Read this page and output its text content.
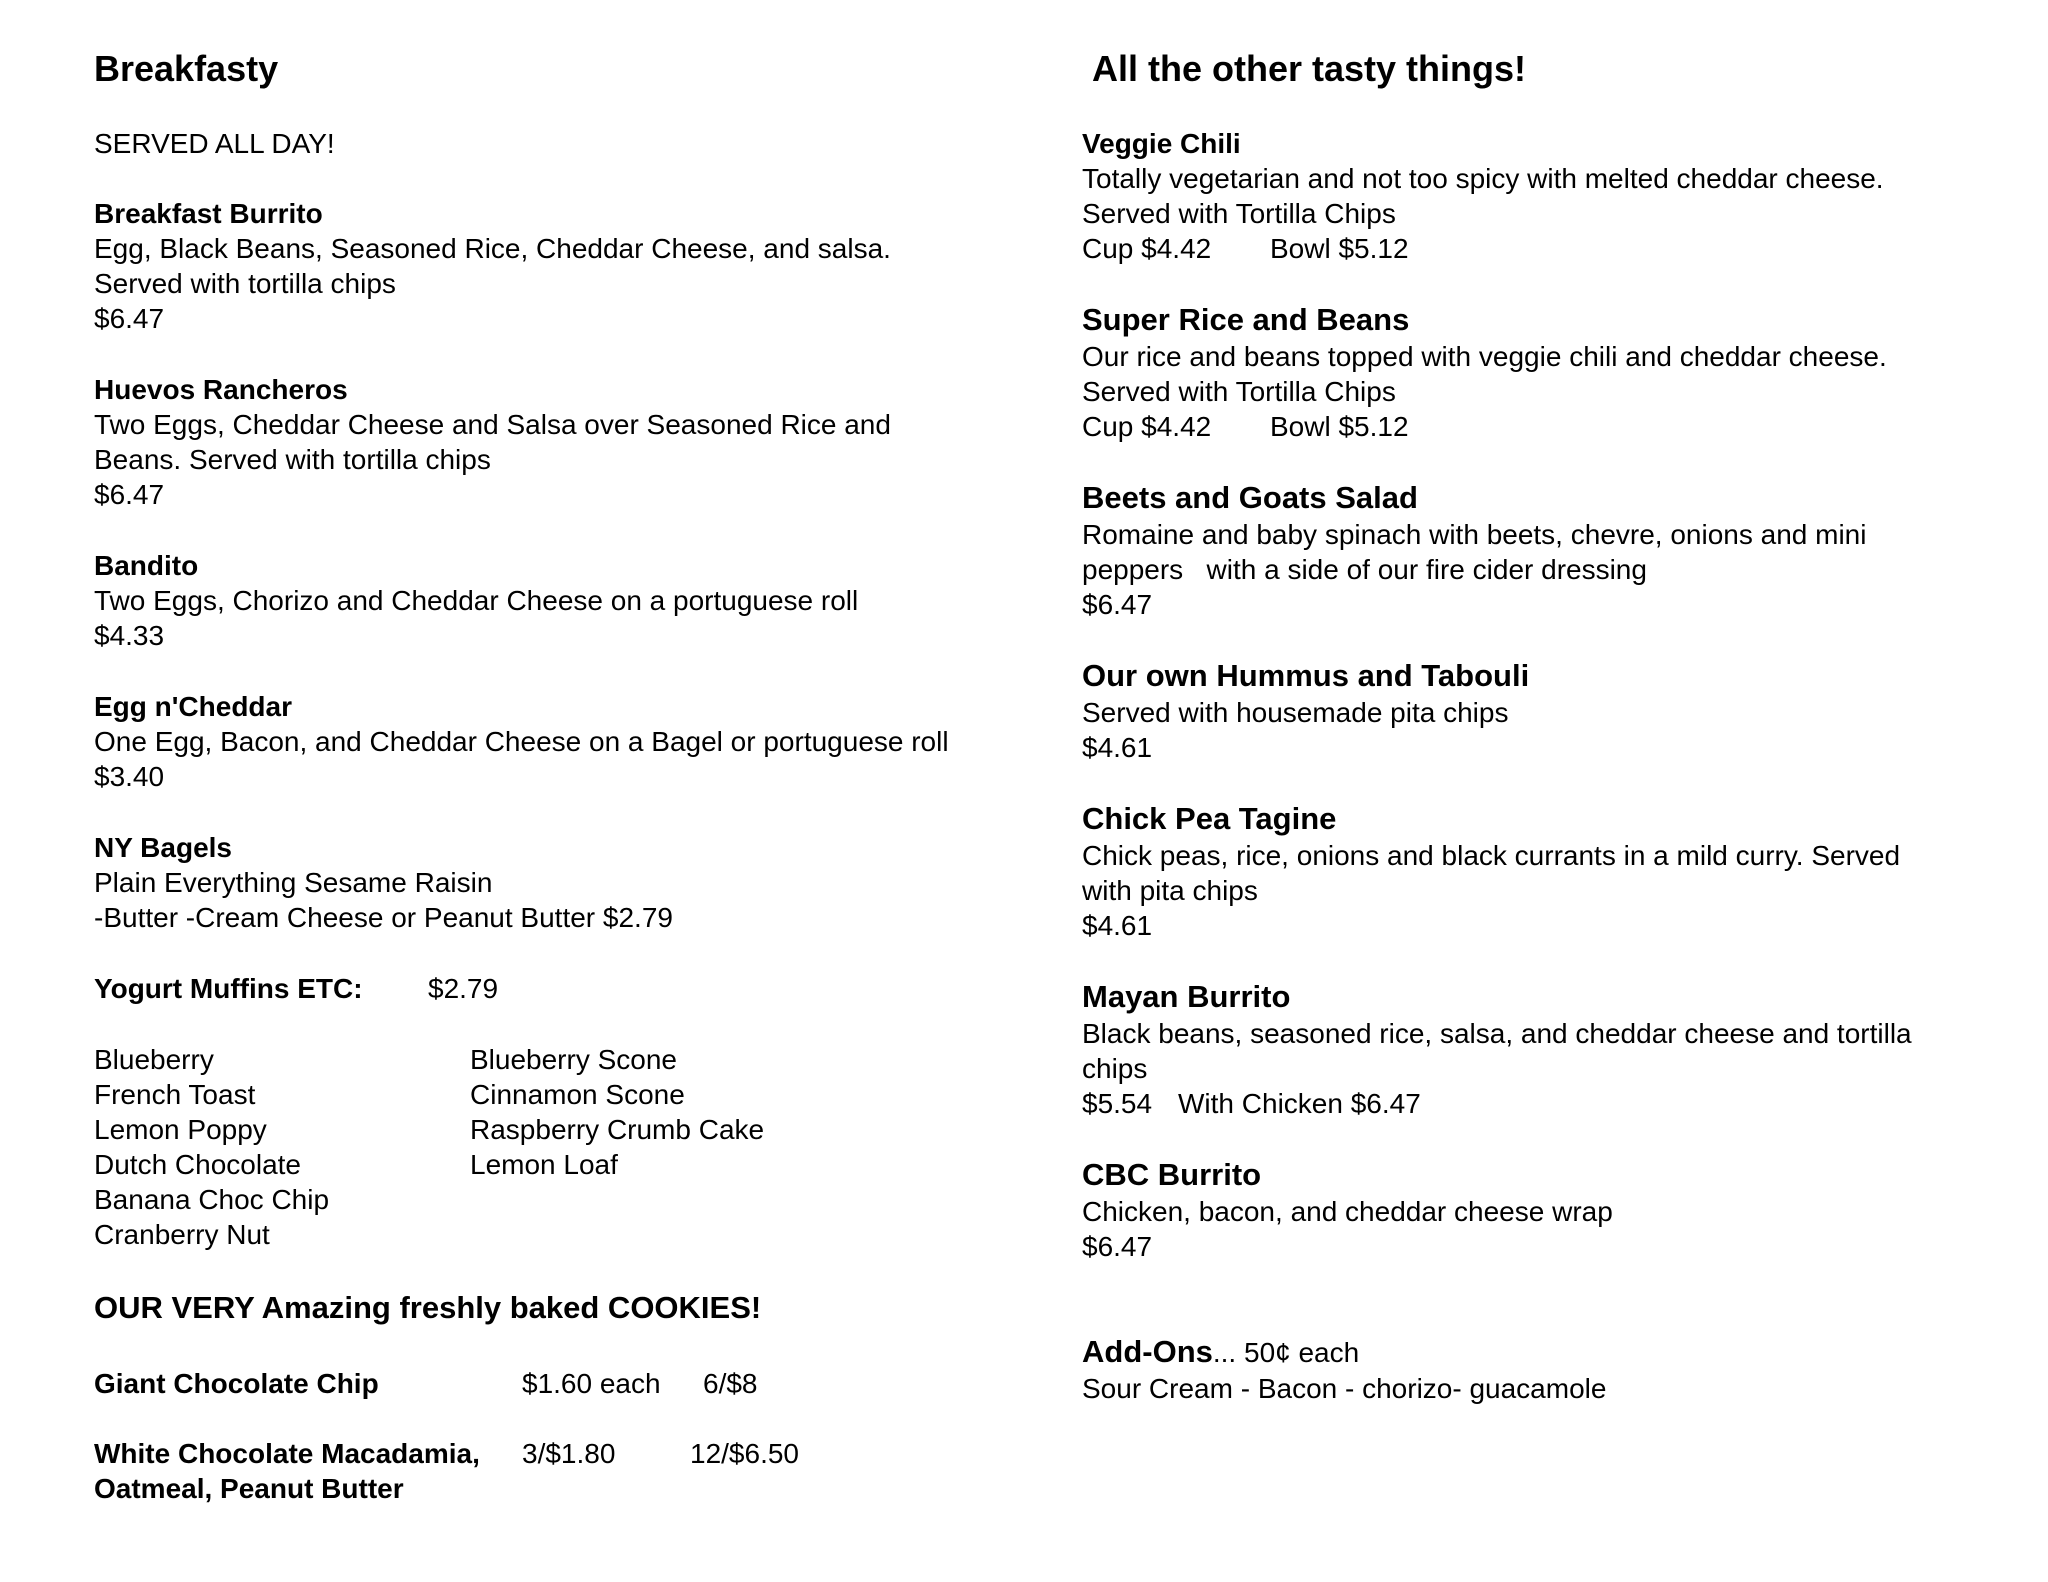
Breakfasty
SERVED ALL DAY!
Breakfast Burrito
Egg, Black Beans, Seasoned Rice, Cheddar Cheese, and salsa.
Served with tortilla chips
$6.47
Huevos Rancheros
Two Eggs, Cheddar Cheese and Salsa over Seasoned Rice and
Beans. Served with tortilla chips
$6.47
Bandito
Two Eggs, Chorizo and Cheddar Cheese on a portuguese roll
$4.33
Egg n'Cheddar
One Egg, Bacon, and Cheddar Cheese on a Bagel or portuguese roll
$3.40
NY Bagels
Plain Everything Sesame Raisin
-Butter -Cream Cheese or Peanut Butter $2.79
Yogurt Muffins ETC: $2.79
Blueberry
French Toast
Lemon Poppy
Dutch Chocolate
Banana Choc Chip
Cranberry Nut
Blueberry Scone
Cinnamon Scone
Raspberry Crumb Cake
Lemon Loaf
OUR VERY Amazing freshly baked COOKIES!
Giant Chocolate Chip	$1.60 each 6/$8
White Chocolate Macadamia, 3/$1.80	12/$6.50
Oatmeal, Peanut Butter
All the other tasty things!
Veggie Chili
Totally vegetarian and not too spicy with melted cheddar cheese.
Served with Tortilla Chips
Cup $4.42 Bowl $5.12
Super Rice and Beans
Our rice and beans topped with veggie chili and cheddar cheese.
Served with Tortilla Chips
Cup $4.42 Bowl $5.12
Beets and Goats Salad
Romaine and baby spinach with beets, chevre, onions and mini
peppers   with a side of our fire cider dressing
$6.47
Our own Hummus and Tabouli
Served with housemade pita chips
$4.61
Chick Pea Tagine
Chick peas, rice, onions and black currants in a mild curry. Served
with pita chips
$4.61
Mayan Burrito
Black beans, seasoned rice, salsa, and cheddar cheese and tortilla
chips
$5.54 With Chicken $6.47
CBC Burrito
Chicken, bacon, and cheddar cheese wrap
$6.47
Add-Ons... 50¢ each
Sour Cream - Bacon - chorizo- guacamole
